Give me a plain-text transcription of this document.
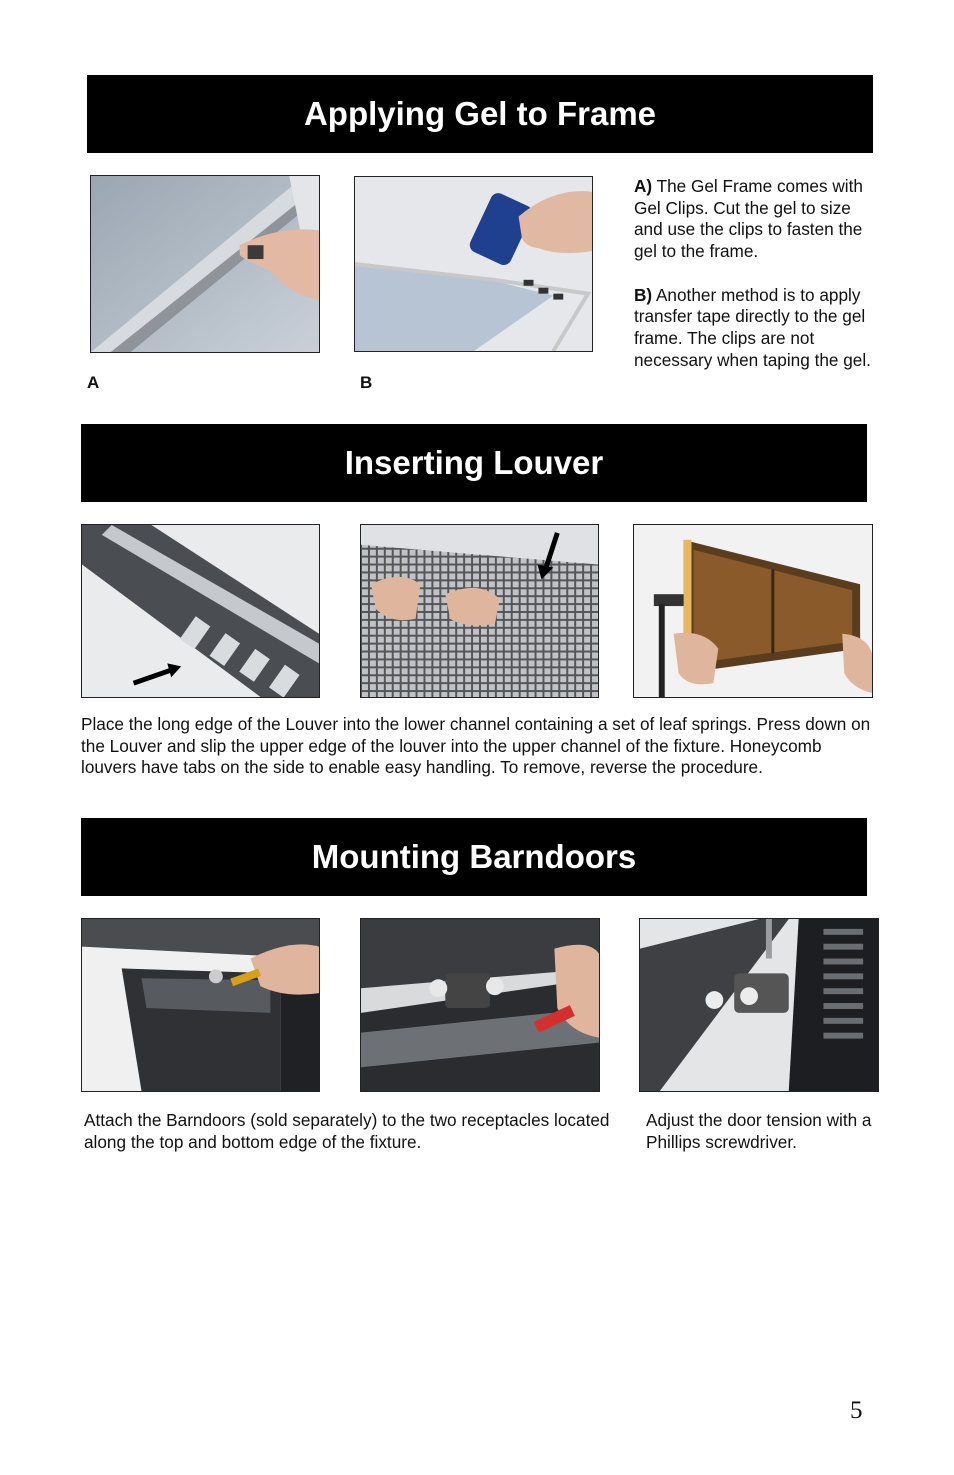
Applying Gel to Frame
A	B

A) The Gel Frame comes with Gel Clips. Cut the gel to size and use the clips to fasten the gel to the frame.

B) Another method is to apply transfer tape directly to the gel frame. The clips are not necessary when taping the gel.

Inserting Louver
Place the long edge of the Louver into the lower channel containing a set of leaf springs. Press down on the Louver and slip the upper edge of the louver into the upper channel of the fixture. Honeycomb louvers have tabs on the side to enable easy handling. To remove, reverse the procedure.
Mounting Barndoors
Attach the Barndoors (sold separately) to the two receptacles located along the top and bottom edge of the fixture.
Adjust the door tension with a Phillips screwdriver.
5
